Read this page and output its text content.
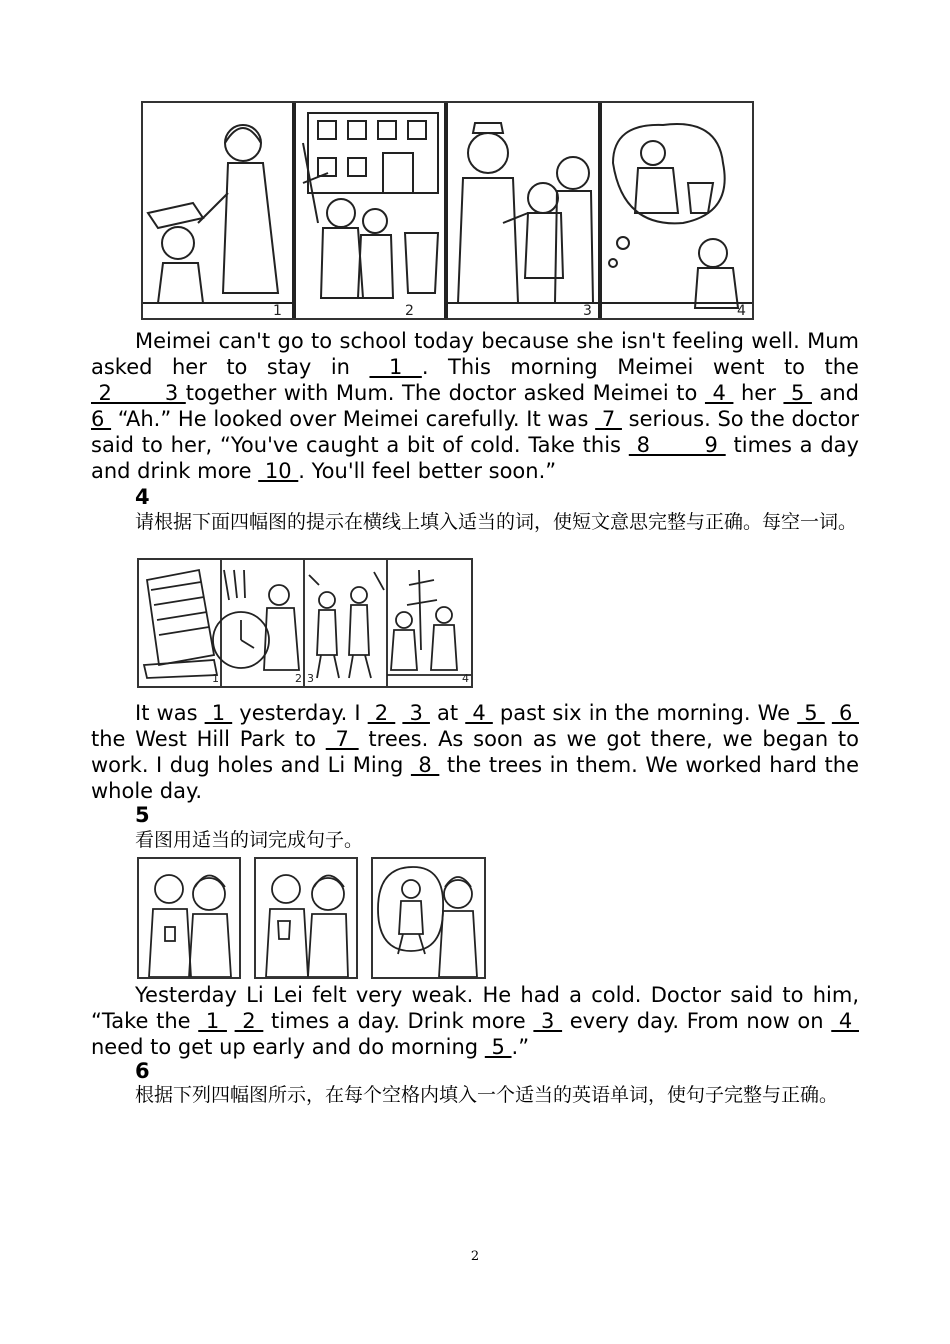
1	2	3	4
Meimei can't go to school today because she isn't feeling well. Mum asked her to stay in  1 . This morning Meimei went to the  2       3 together with Mum. The doctor asked Meimei to  4  her  5  and 6  “Ah.” He looked over Meimei carefully. It was  7  serious. So the doctor said to her, “You've caught a bit of cold. Take this  8       9  times a day and drink more  10 . You'll feel better soon.”
4
请根据下面四幅图的提示在横线上填入适当的词，使短文意思完整与正确。每空一词。
1	2 3	4
It was  1  yesterday. I  2   3  at  4  past six in the morning. We  5   6  the West Hill Park to  7  trees. As soon as we got there, we began to work. I dug holes and Li Ming  8  the trees in them. We worked hard the whole day.
5
看图用适当的词完成句子。
Yesterday Li Lei felt very weak. He had a cold. Doctor said to him, “Take the  1   2  times a day. Drink more  3  every day. From now on  4  need to get up early and do morning  5 .”
6
根据下列四幅图所示，在每个空格内填入一个适当的英语单词，使句子完整与正确。
2
